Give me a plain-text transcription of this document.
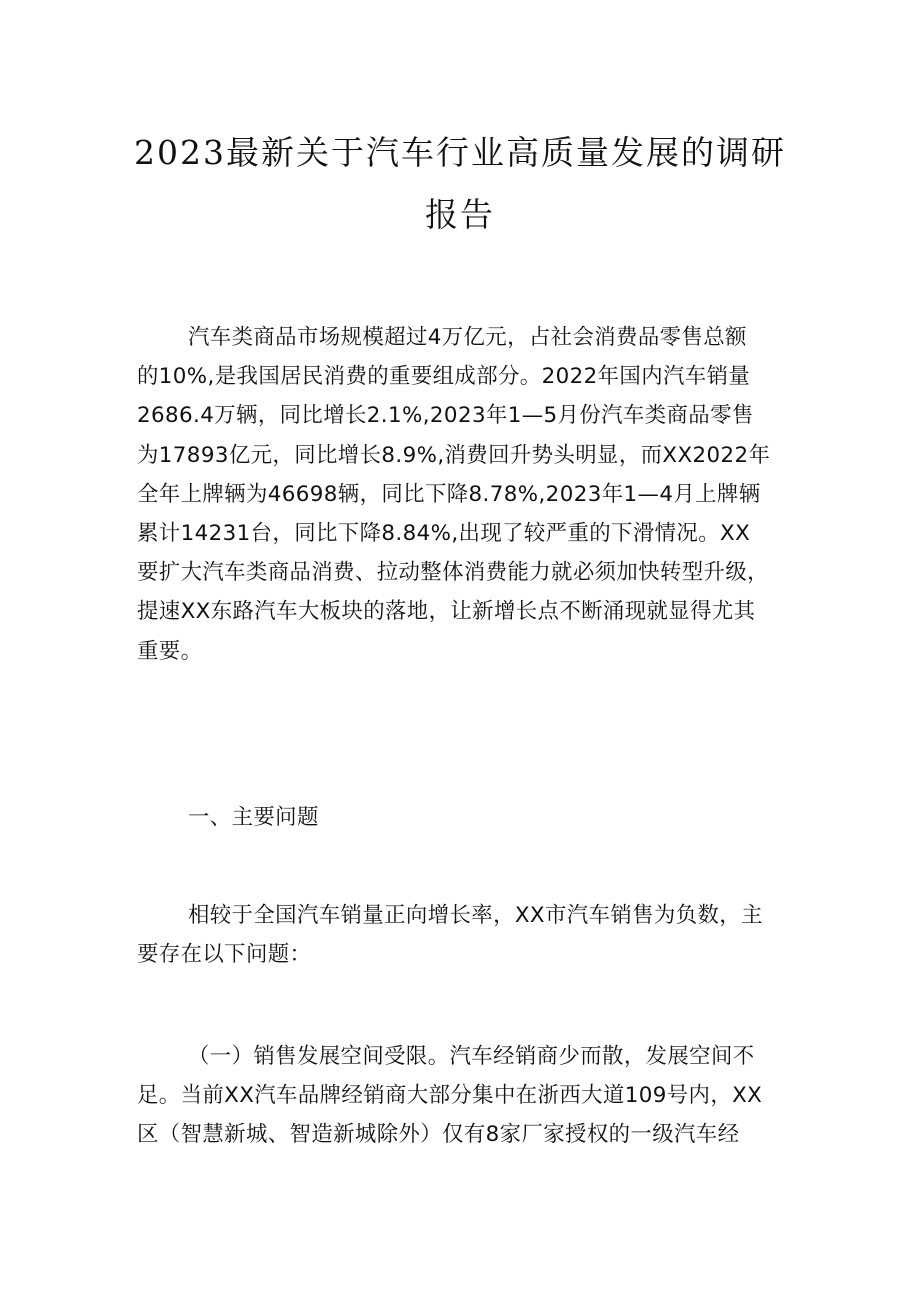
2023最新关于汽车行业高质量发展的调研
报告
汽车类商品市场规模超过4万亿元，占社会消费品零售总额
的10%,是我国居民消费的重要组成部分。2022年国内汽车销量
2686.4万辆，同比增长2.1%,2023年1—5月份汽车类商品零售
为17893亿元，同比增长8.9%,消费回升势头明显，而XX2022年
全年上牌辆为46698辆，同比下降8.78%,2023年1—4月上牌辆
累计14231台，同比下降8.84%,出现了较严重的下滑情况。XX
要扩大汽车类商品消费、拉动整体消费能力就必须加快转型升级，
提速XX东路汽车大板块的落地，让新增长点不断涌现就显得尤其
重要。
一、主要问题
相较于全国汽车销量正向增长率，XX市汽车销售为负数，主
要存在以下问题：
（一）销售发展空间受限。汽车经销商少而散，发展空间不
足。当前XX汽车品牌经销商大部分集中在浙西大道109号内，XX
区（智慧新城、智造新城除外）仅有8家厂家授权的一级汽车经
